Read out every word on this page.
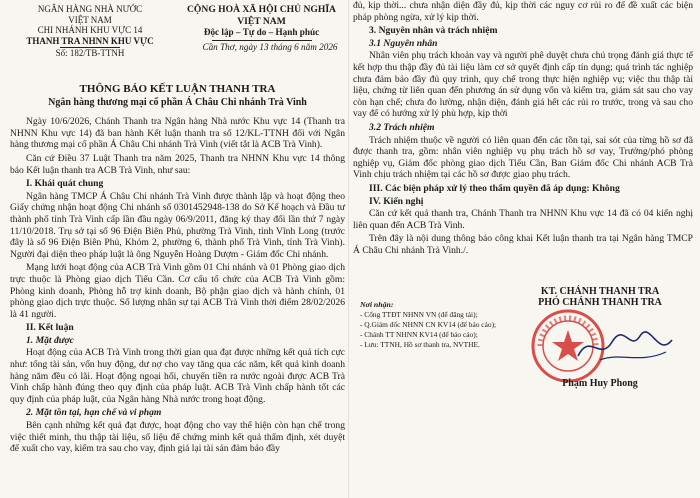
NGÂN HÀNG NHÀ NƯỚC
VIỆT NAM
CHI NHÁNH KHU VỰC 14
THANH TRA NHNN KHU VỰC
Số: 182/TB-TTNH
CỘNG HOÀ XÃ HỘI CHỦ NGHĨA VIỆT NAM
Độc lập – Tự do – Hạnh phúc
Cần Thơ, ngày 13 tháng 6 năm 2026
THÔNG BÁO KẾT LUẬN THANH TRA
Ngân hàng thương mại cổ phần Á Châu Chi nhánh Trà Vinh

Ngày 10/6/2026, Chánh Thanh tra Ngân hàng Nhà nước Khu vực 14 (Thanh tra NHNN Khu vực 14) đã ban hành Kết luận thanh tra số 12/KL-TTNH đối với Ngân hàng thương mại cổ phần Á Châu Chi nhánh Trà Vinh (viết tắt là ACB Trà Vinh).

Căn cứ Điều 37 Luật Thanh tra năm 2025, Thanh tra NHNN Khu vực 14 thông báo Kết luận thanh tra ACB Trà Vinh, như sau:

I. Khái quát chung

Ngân hàng TMCP Á Châu Chi nhánh Trà Vinh được thành lập và hoạt động theo Giấy chứng nhận hoạt động Chi nhánh số 0301452948-138 do Sở Kế hoạch và Đầu tư thành phố tỉnh Trà Vinh cấp lần đầu ngày 06/9/2011, đăng ký thay đổi lần thứ 7 ngày 11/10/2018. Trụ sở tại số 96 Điện Biên Phủ, phường Trà Vinh, tỉnh Vĩnh Long (trước đây là số 96 Điện Biên Phủ, Khóm 2, phường 6, thành phố Trà Vinh, tỉnh Trà Vinh). Người đại diện theo pháp luật là ông Nguyễn Hoàng Dượm - Giám đốc Chi nhánh.

Mạng lưới hoạt động của ACB Trà Vinh gồm 01 Chi nhánh và 01 Phòng giao dịch trực thuộc là Phòng giao dịch Tiểu Cần. Cơ cấu tổ chức của ACB Trà Vinh gồm: Phòng kinh doanh, Phòng hỗ trợ kinh doanh, Bộ phận giao dịch và hành chính, 01 phòng giao dịch trực thuộc. Số lượng nhân sự tại ACB Trà Vinh thời điểm 28/02/2026 là 41 người.

II. Kết luận
1. Mặt được

Hoạt động của ACB Trà Vinh trong thời gian qua đạt được những kết quả tích cực như: tổng tài sản, vốn huy động, dư nợ cho vay tăng qua các năm, kết quả kinh doanh hàng năm đều có lãi. Hoạt động ngoại hối, chuyển tiền ra nước ngoài được ACB Trà Vinh chấp hành đúng theo quy định của pháp luật. ACB Trà Vinh chấp hành tốt các quy định của pháp luật, của Ngân hàng Nhà nước trong hoạt động.

2. Mặt tồn tại, hạn chế và vi phạm

Bên cạnh những kết quả đạt được, hoạt động cho vay thể hiện còn hạn chế trong việc thiết minh, thu thập tài liệu, số liệu để chứng minh kết quả thẩm định, xét duyệt để xuất cho vay, kiểm tra sau cho vay, định giá lại tài sản đảm bảo đầy

đủ, kịp thời... chưa nhận diện đầy đủ, kịp thời các nguy cơ rủi ro để đề xuất các biện pháp phòng ngừa, xử lý kịp thời.

3. Nguyên nhân và trách nhiệm
3.1 Nguyên nhân

Nhân viên phụ trách khoản vay và người phê duyệt chưa chú trọng đánh giá thực tế kết hợp thu thập đầy đủ tài liệu làm cơ sở quyết định cấp tín dụng; quá trình tác nghiệp chưa đảm bảo đầy đủ quy trình, quy chế trong thực hiện nghiệp vụ; việc thu thập tài liệu, chứng từ liên quan đến phương án sử dụng vốn và kiểm tra, giám sát sau cho vay còn hạn chế; chưa đo lường, nhận diện, đánh giá hết các rủi ro trước, trong và sau cho vay để có hướng xử lý phù hợp, kịp thời

3.2 Trách nhiệm

Trách nhiệm thuộc về người có liên quan đến các tồn tại, sai sót của từng hồ sơ đã được thanh tra, gồm: nhân viên nghiệp vụ phụ trách hồ sơ vay, Trưởng/phó phòng nghiệp vụ, Giám đốc phòng giao dịch Tiểu Cần, Ban Giám đốc Chi nhánh ACB Trà Vinh chịu trách nhiệm tại các hồ sơ được giao phụ trách.

III. Các biện pháp xử lý theo thẩm quyền đã áp dụng: Không
IV. Kiến nghị

Căn cứ kết quả thanh tra, Chánh Thanh tra NHNN Khu vực 14 đã có 04 kiến nghị liên quan đến ACB Trà Vinh.

Trên đây là nội dung thông báo công khai Kết luận thanh tra tại Ngân hàng TMCP Á Châu Chi nhánh Trà Vinh./.

Nơi nhận:
- Cổng TTĐT NHNN VN (để đăng tải);
- Q.Giám đốc NHNN CN KV14 (để báo cáo);
- Chánh TT NHNN KV14 (để báo cáo);
- Lưu: TTNH, Hồ sơ thanh tra, NVTHE.
KT. CHÁNH THANH TRA
PHÓ CHÁNH THANH TRA
Phạm Huy Phong
